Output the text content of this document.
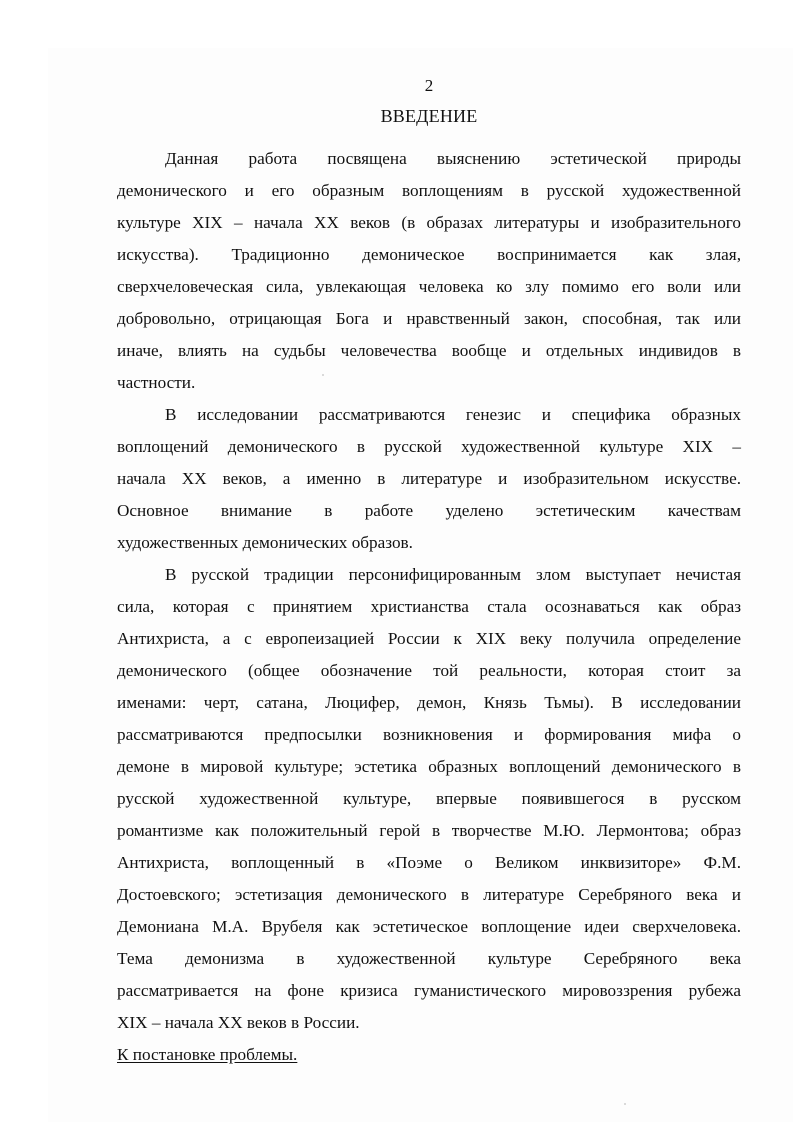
2
ВВЕДЕНИЕ
Данная работа посвящена выяснению эстетической природы
демонического и его образным воплощениям в русской художественной
культуре XIX – начала XX веков (в образах литературы и изобразительного
искусства). Традиционно демоническое воспринимается как злая,
сверхчеловеческая сила, увлекающая человека ко злу помимо его воли или
добровольно, отрицающая Бога и нравственный закон, способная, так или
иначе, влиять на судьбы человечества вообще и отдельных индивидов в
частности.
В исследовании рассматриваются генезис и специфика образных
воплощений демонического в русской художественной культуре XIX –
начала XX веков, а именно в литературе и изобразительном искусстве.
Основное внимание в работе уделено эстетическим качествам
художественных демонических образов.
В русской традиции персонифицированным злом выступает нечистая
сила, которая с принятием христианства стала осознаваться как образ
Антихриста, а с европеизацией России к XIX веку получила определение
демонического (общее обозначение той реальности, которая стоит за
именами: черт, сатана, Люцифер, демон, Князь Тьмы). В исследовании
рассматриваются предпосылки возникновения и формирования мифа о
демоне в мировой культуре; эстетика образных воплощений демонического в
русской художественной культуре, впервые появившегося в русском
романтизме как положительный герой в творчестве М.Ю. Лермонтова; образ
Антихриста, воплощенный в «Поэме о Великом инквизиторе» Ф.М.
Достоевского; эстетизация демонического в литературе Серебряного века и
Демониана М.А. Врубеля как эстетическое воплощение идеи сверхчеловека.
Тема демонизма в художественной культуре Серебряного века
рассматривается на фоне кризиса гуманистического мировоззрения рубежа
XIX – начала XX веков в России.
К постановке проблемы.
